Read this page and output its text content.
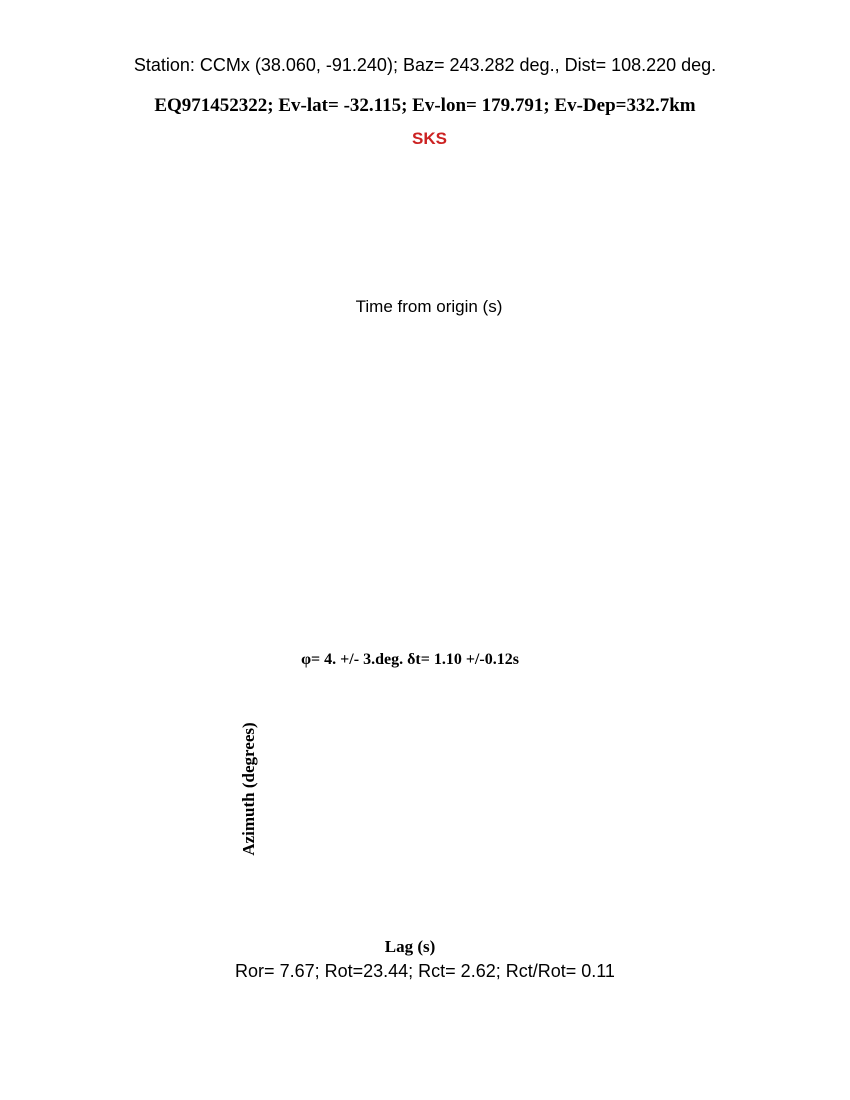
Station: CCMx (38.060, -91.240); Baz= 243.282 deg., Dist= 108.220 deg.
EQ971452322; Ev-lat= -32.115; Ev-lon= 179.791; Ev-Dep=332.7km
SKS
Time from origin (s)
φ= 4. +/- 3.deg. δt= 1.10 +/-0.12s
Azimuth (degrees)
Lag (s)
Ror= 7.67; Rot=23.44; Rct= 2.62; Rct/Rot= 0.11
